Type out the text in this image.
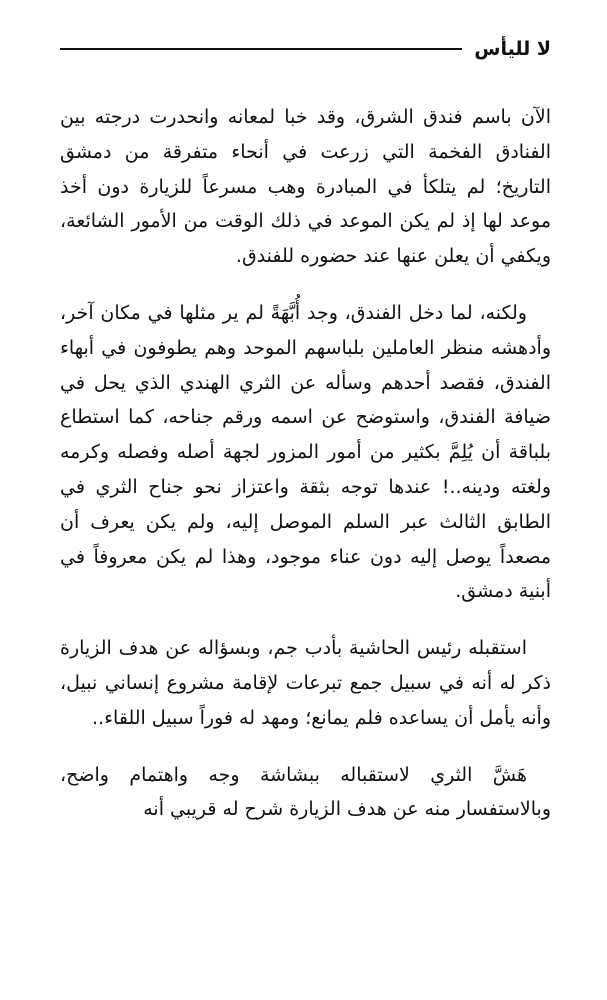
لا لليأس

الآن باسم فندق الشرق، وقد خبا لمعانه وانحدرت درجته بين الفنادق الفخمة التي زرعت في أنحاء متفرقة من دمشق التاريخ؛ لم يتلكأ في المبادرة وهب مسرعاً للزيارة دون أخذ موعد لها إذ لم يكن الموعد في ذلك الوقت من الأمور الشائعة، ويكفي أن يعلن عنها عند حضوره للفندق.

ولكنه، لما دخل الفندق، وجد أُبَّهَةً لم ير مثلها في مكان آخر، وأدهشه منظر العاملين بلباسهم الموحد وهم يطوفون في أبهاء الفندق، فقصد أحدهم وسأله عن الثري الهندي الذي يحل في ضيافة الفندق، واستوضح عن اسمه ورقم جناحه، كما استطاع بلباقة أن يُلِمَّ بكثير من أمور المزور لجهة أصله وفصله وكرمه ولغته ودينه..! عندها توجه بثقة واعتزاز نحو جناح الثري في الطابق الثالث عبر السلم الموصل إليه، ولم يكن يعرف أن مصعداً يوصل إليه دون عناء موجود، وهذا لم يكن معروفاً في أبنية دمشق.

استقبله رئيس الحاشية بأدب جم، وبسؤاله عن هدف الزيارة ذكر له أنه في سبيل جمع تبرعات لإقامة مشروع إنساني نبيل، وأنه يأمل أن يساعده فلم يمانع؛ ومهد له فوراً سبيل اللقاء..

هَشَّ الثري لاستقباله ببشاشة وجه واهتمام واضح، وبالاستفسار منه عن هدف الزيارة شرح له قريبي أنه
